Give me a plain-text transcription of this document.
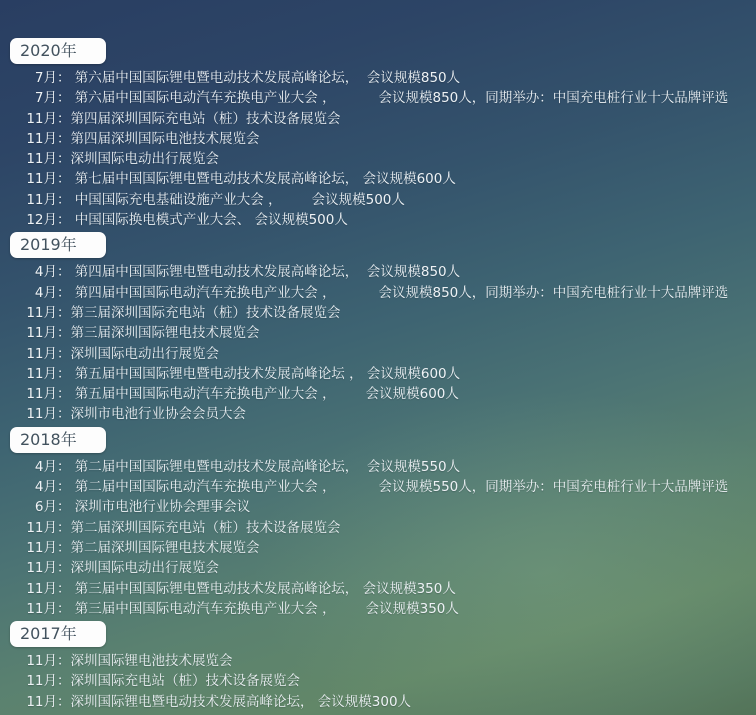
2020年
7月 ： 第六届中国国际锂电暨电动技术发展高峰论坛，  会议规模850人
7月 ： 第六届中国国际电动汽车充换电产业大会 ，          会议规模850人，同期举办：中国充电桩行业十大品牌评选
11月 ：第四届深圳国际充电站（桩）技术设备展览会
11月 ：第四届深圳国际电池技术展览会
11月 ：深圳国际电动出行展览会
11月 ： 第七届中国国际锂电暨电动技术发展高峰论坛， 会议规模600人
11月 ： 中国国际充电基础设施产业大会 ，       会议规模500人
12月 ： 中国国际换电模式产业大会、 会议规模500人
2019年
4月 ： 第四届中国国际锂电暨电动技术发展高峰论坛，  会议规模850人
4月 ： 第四届中国国际电动汽车充换电产业大会 ，          会议规模850人，同期举办：中国充电桩行业十大品牌评选
11月 ：第三届深圳国际充电站（桩）技术设备展览会
11月 ：第三届深圳国际锂电技术展览会
11月 ：深圳国际电动出行展览会
11月 ： 第五届中国国际锂电暨电动技术发展高峰论坛 ， 会议规模600人
11月 ： 第五届中国国际电动汽车充换电产业大会 ，       会议规模600人
11月 ：深圳市电池行业协会会员大会
2018年
4月 ： 第二届中国国际锂电暨电动技术发展高峰论坛，  会议规模550人
4月 ： 第二届中国国际电动汽车充换电产业大会 ，          会议规模550人，同期举办：中国充电桩行业十大品牌评选
6月 ： 深圳市电池行业协会理事会议
11月 ：第二届深圳国际充电站（桩）技术设备展览会
11月 ：第二届深圳国际锂电技术展览会
11月 ：深圳国际电动出行展览会
11月 ： 第三届中国国际锂电暨电动技术发展高峰论坛， 会议规模350人
11月 ： 第三届中国国际电动汽车充换电产业大会 ，       会议规模350人
2017年
11月 ：深圳国际锂电池技术展览会
11月 ：深圳国际充电站（桩）技术设备展览会
11月 ：深圳国际锂电暨电动技术发展高峰论坛， 会议规模300人
